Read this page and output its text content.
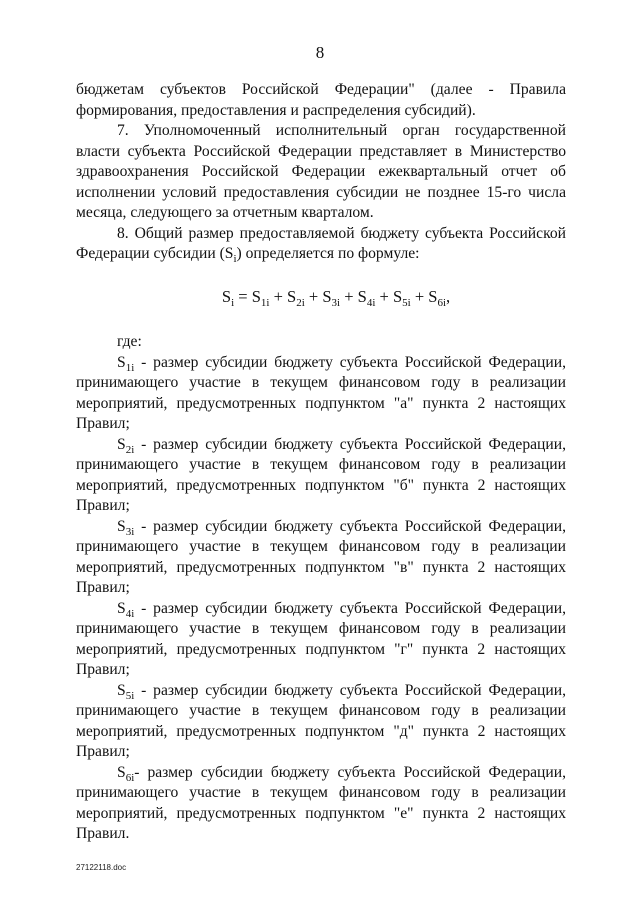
8

бюджетам субъектов Российской Федерации" (далее - Правила формирования, предоставления и распределения субсидий).

7. Уполномоченный исполнительный орган государственной власти субъекта Российской Федерации представляет в Министерство здравоохранения Российской Федерации ежеквартальный отчет об исполнении условий предоставления субсидии не позднее 15-го числа месяца, следующего за отчетным кварталом.

8. Общий размер предоставляемой бюджету субъекта Российской Федерации субсидии $(S_i)$ определяется по формуле:

$S_i = S_{1i} + S_{2i} + S_{3i} + S_{4i} + S_{5i} + S_{6i}$,

где:

$S_{1i}$ - размер субсидии бюджету субъекта Российской Федерации, принимающего участие в текущем финансовом году в реализации мероприятий, предусмотренных подпунктом "а" пункта 2 настоящих Правил;

$S_{2i}$ - размер субсидии бюджету субъекта Российской Федерации, принимающего участие в текущем финансовом году в реализации мероприятий, предусмотренных подпунктом "б" пункта 2 настоящих Правил;

$S_{3i}$ - размер субсидии бюджету субъекта Российской Федерации, принимающего участие в текущем финансовом году в реализации мероприятий, предусмотренных подпунктом "в" пункта 2 настоящих Правил;

$S_{4i}$ - размер субсидии бюджету субъекта Российской Федерации, принимающего участие в текущем финансовом году в реализации мероприятий, предусмотренных подпунктом "г" пункта 2 настоящих Правил;

$S_{5i}$ - размер субсидии бюджету субъекта Российской Федерации, принимающего участие в текущем финансовом году в реализации мероприятий, предусмотренных подпунктом "д" пункта 2 настоящих Правил;

$S_{6i}-$ размер субсидии бюджету субъекта Российской Федерации, принимающего участие в текущем финансовом году в реализации мероприятий, предусмотренных подпунктом "е" пункта 2 настоящих Правил.

27122118.doc
